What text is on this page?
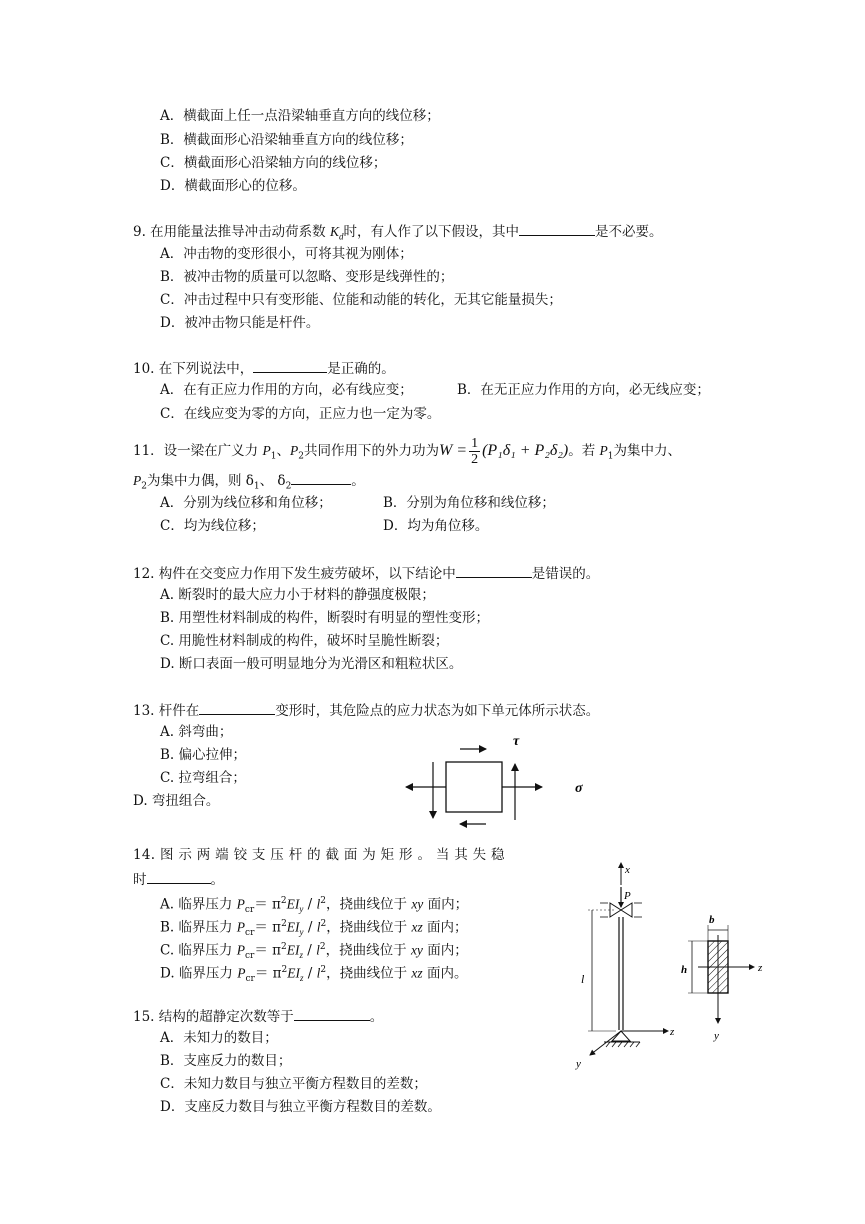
A．横截面上任一点沿梁轴垂直方向的线位移；
B．横截面形心沿梁轴垂直方向的线位移；
C．横截面形心沿梁轴方向的线位移；
D．横截面形心的位移。
9. 在用能量法推导冲击动荷系数 $K_d$时，有人作了以下假设，其中	是不必要。
A．冲击物的变形很小，可将其视为刚体；
B．被冲击物的质量可以忽略、变形是线弹性的；
C．冲击过程中只有变形能、位能和动能的转化，无其它能量损失；
D．被冲击物只能是杆件。
10. 在下列说法中，	是正确的。
A．在有正应力作用的方向，必有线应变；	B．在无正应力作用的方向，必无线应变；
C．在线应变为零的方向，正应力也一定为零。
11．设一梁在广义力 $P_1$、$P_2$共同作用下的外力功为$W = \frac{1}{2} (P_1\delta_1 + P_2\delta_2)$。若 $P_1$为集中力、
$P_2$为集中力偶，则 $\delta_1$、 $\delta_2$	。
A．分别为线位移和角位移；	B．分别为角位移和线位移；
C．均为线位移；	D．均为角位移。
12. 构件在交变应力作用下发生疲劳破坏，以下结论中	是错误的。
A. 断裂时的最大应力小于材料的静强度极限；
B. 用塑性材料制成的构件，断裂时有明显的塑性变形；
C. 用脆性材料制成的构件，破坏时呈脆性断裂；
D. 断口表面一般可明显地分为光滑区和粗粒状区。
13. 杆件在	变形时，其危险点的应力状态为如下单元体所示状态。
A. 斜弯曲；
B. 偏心拉伸；
C. 拉弯组合；
D. 弯扭组合。
τ
σ
14. 图 示 两 端 铰 支 压 杆 的 截 面 为 矩 形 。 当 其 失 稳
时	。
A. 临界压力 $P_{cr}= \pi^2EI_y / l^2$，挠曲线位于 xy 面内；
B. 临界压力 $P_{cr}= \pi^2EI_y / l^2$，挠曲线位于 xz 面内；
C. 临界压力 $P_{cr}= \pi^2EI_z / l^2$，挠曲线位于 xy 面内；
D. 临界压力 $P_{cr}= \pi^2EI_z / l^2$，挠曲线位于 xz 面内。
x
P
l
z
y
b
h	z
y
15. 结构的超静定次数等于	。
A．未知力的数目；
B．支座反力的数目；
C．未知力数目与独立平衡方程数目的差数；
D．支座反力数目与独立平衡方程数目的差数。
